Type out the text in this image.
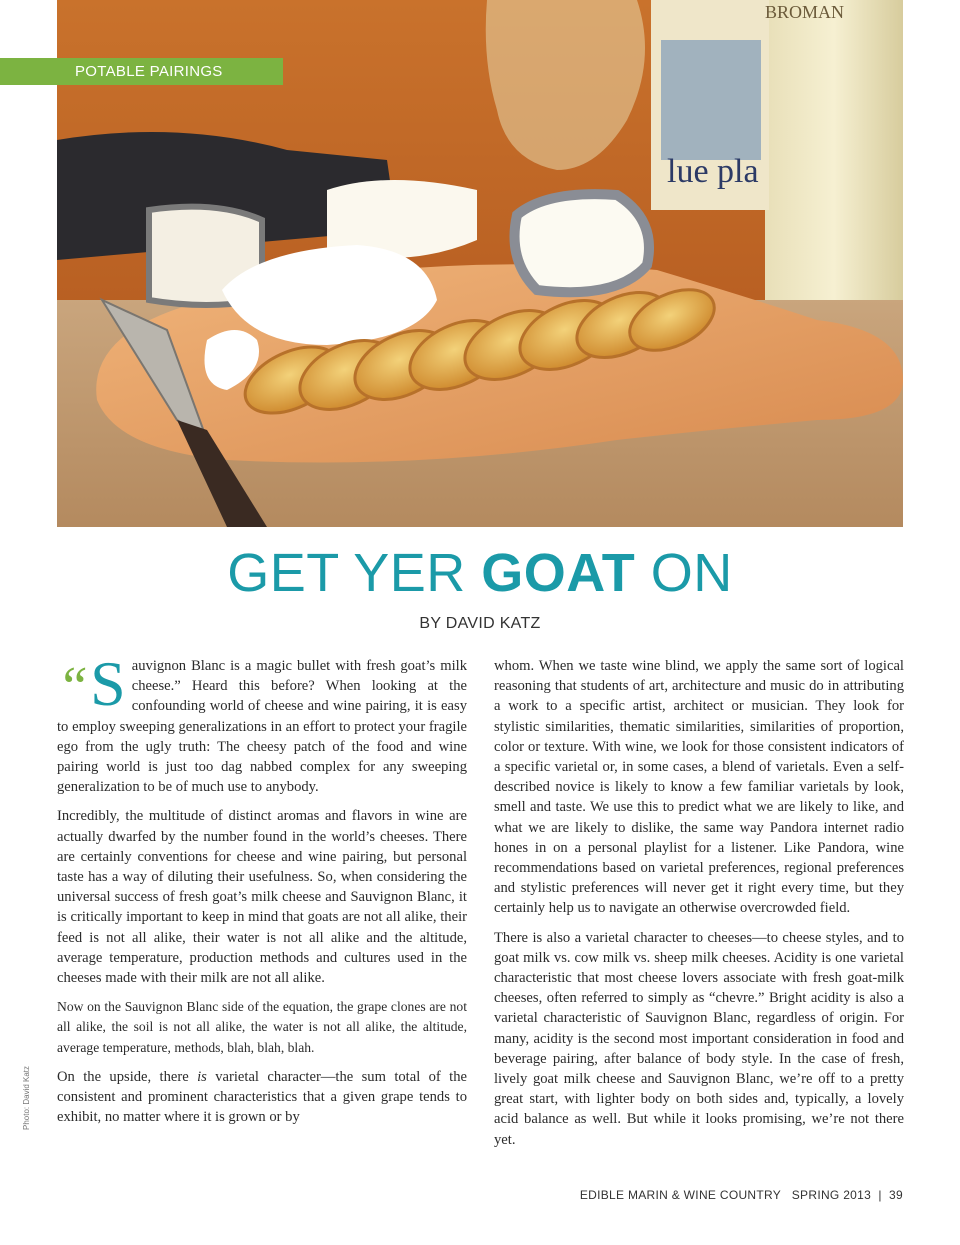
BROMAN
lue pla
POTABLE PAIRINGS
GET YER GOAT ON
BY DAVID KATZ

“S auvignon Blanc is a magic bullet with fresh goat’s milk cheese.” Heard this before? When looking at the confounding world of cheese and wine pairing, it is easy to employ sweeping generalizations in an effort to protect your fragile ego from the ugly truth: The cheesy patch of the food and wine pairing world is just too dag nabbed complex for any sweeping generalization to be of much use to anybody.

Incredibly, the multitude of distinct aromas and flavors in wine are actually dwarfed by the number found in the world’s cheeses. There are certainly conventions for cheese and wine pairing, but personal taste has a way of diluting their usefulness. So, when considering the universal success of fresh goat’s milk cheese and Sauvignon Blanc, it is critically important to keep in mind that goats are not all alike, their feed is not all alike, their water is not all alike and the altitude, average temperature, production methods and cultures used in the cheeses made with their milk are not all alike.

Now on the Sauvignon Blanc side of the equation, the grape clones are not all alike, the soil is not all alike, the water is not all alike, the altitude, average temperature, methods, blah, blah, blah.

On the upside, there is varietal character—the sum total of the consistent and prominent characteristics that a given grape tends to exhibit, no matter where it is grown or by

whom. When we taste wine blind, we apply the same sort of logical reasoning that students of art, architecture and music do in attributing a work to a specific artist, architect or musician. They look for stylistic similarities, thematic similarities, similarities of proportion, color or texture. With wine, we look for those consistent indicators of a specific varietal or, in some cases, a blend of varietals. Even a self-described novice is likely to know a few familiar varietals by look, smell and taste. We use this to predict what we are likely to like, and what we are likely to dislike, the same way Pandora internet radio hones in on a personal playlist for a listener. Like Pandora, wine recommendations based on varietal preferences, regional preferences and stylistic preferences will never get it right every time, but they certainly help us to navigate an otherwise overcrowded field.

There is also a varietal character to cheeses—to cheese styles, and to goat milk vs. cow milk vs. sheep milk cheeses. Acidity is one varietal characteristic that most cheese lovers associate with fresh goat-milk cheeses, often referred to simply as “chevre.” Bright acidity is also a varietal characteristic of Sauvignon Blanc, regardless of origin. For many, acidity is the second most important consideration in food and beverage pairing, after balance of body style. In the case of fresh, lively goat milk cheese and Sauvignon Blanc, we’re off to a pretty great start, with lighter body on both sides and, typically, a lovely acid balance as well. But while it looks promising, we’re not there yet.

Photo: David Katz
EDIBLE MARIN & WINE COUNTRY   SPRING 2013  |  39
